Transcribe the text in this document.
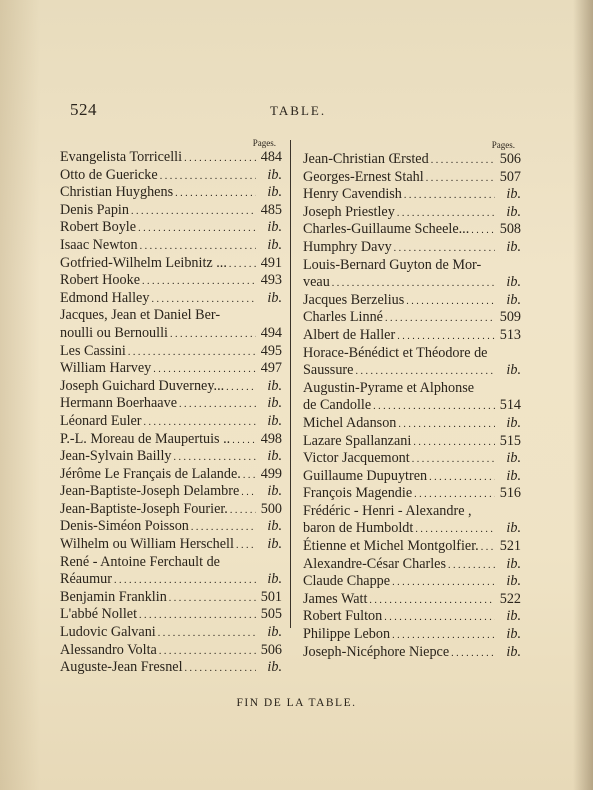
524	TABLE.
Pages.
Evangelista Torricelli . . .	484
Otto de Guericke . . .	ib.
Christian Huyghens . . .	ib.
Denis Papin . . .	485
Robert Boyle . . .	ib.
Isaac Newton . . .	ib.
Gotfried-Wilhelm Leibnitz ... . . . 491
Robert Hooke . . .	493
Edmond Halley . . .	ib.
Jacques, Jean et Daniel Ber-
noulli ou Bernoulli . . .	494
Les Cassini . . .	495
William Harvey . . .	497
Joseph Guichard Duverney... . . .	ib.
Hermann Boerhaave . . .	ib.
Léonard Euler . . .	ib.
P.-L. Moreau de Maupertuis .. . . . 498
Jean-Sylvain Bailly . . .	ib.
Jérôme Le Français de Lalande. . . . 499
Jean-Baptiste-Joseph Delambre . . .	ib.
Jean-Baptiste-Joseph Fourier. . . . 500
Denis-Siméon Poisson . . .	ib.
Wilhelm ou William Herschell . . .	ib.
René - Antoine Ferchault de
Réaumur . . .	ib.
Benjamin Franklin . . .	501
L'abbé Nollet . . .	505
Ludovic Galvani . . .	ib.
Alessandro Volta . . .	506
Auguste-Jean Fresnel . . .	ib.
Pages.
Jean-Christian Œrsted . . .	506
Georges-Ernest Stahl . . .	507
Henry Cavendish . . .	ib.
Joseph Priestley . . .	ib.
Charles-Guillaume Scheele... . . . 508
Humphry Davy . . .	ib.
Louis-Bernard Guyton de Mor-
veau . . .	ib.
Jacques Berzelius . . .	ib.
Charles Linné . . .	509
Albert de Haller . . .	513
Horace-Bénédict et Théodore de
Saussure . . .	ib.
Augustin-Pyrame et Alphonse
de Candolle . . .	514
Michel Adanson . . .	ib.
Lazare Spallanzani . . .	515
Victor Jacquemont . . .	ib.
Guillaume Dupuytren . . .	ib.
François Magendie . . .	516
Frédéric - Henri - Alexandre ,
baron de Humboldt . . .	ib.
Étienne et Michel Montgolfier. . . . 521
Alexandre-César Charles . . .	ib.
Claude Chappe . . .	ib.
James Watt . . .	522
Robert Fulton . . .	ib.
Philippe Lebon . . .	ib.
Joseph-Nicéphore Niepce . . .	ib.
FIN DE LA TABLE.
